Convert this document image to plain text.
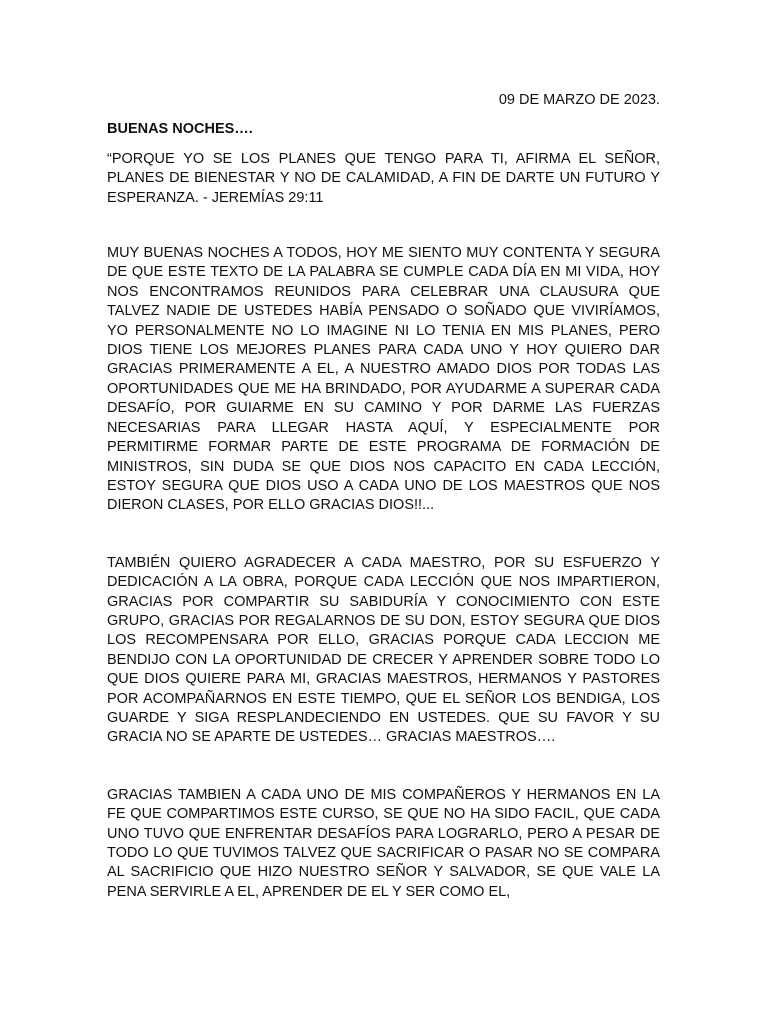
09 DE MARZO DE 2023.

BUENAS NOCHES….

“PORQUE YO SE LOS PLANES QUE TENGO PARA TI, AFIRMA EL SEÑOR, PLANES DE BIENESTAR Y NO DE CALAMIDAD, A FIN DE DARTE UN FUTURO Y ESPERANZA. - JEREMÍAS 29:11

MUY BUENAS NOCHES A TODOS, HOY ME SIENTO MUY CONTENTA Y SEGURA DE QUE ESTE TEXTO DE LA PALABRA SE CUMPLE CADA DÍA EN MI VIDA, HOY NOS ENCONTRAMOS REUNIDOS PARA CELEBRAR UNA CLAUSURA QUE TALVEZ NADIE DE USTEDES HABÍA PENSADO O SOÑADO QUE VIVIRÍAMOS, YO PERSONALMENTE NO LO IMAGINE NI LO TENIA EN MIS PLANES, PERO DIOS TIENE LOS MEJORES PLANES PARA CADA UNO Y HOY QUIERO DAR GRACIAS PRIMERAMENTE A EL, A NUESTRO AMADO DIOS POR TODAS LAS OPORTUNIDADES QUE ME HA BRINDADO, POR AYUDARME A SUPERAR CADA DESAFÍO, POR GUIARME EN SU CAMINO Y POR DARME LAS FUERZAS NECESARIAS PARA LLEGAR HASTA AQUÍ, Y ESPECIALMENTE POR PERMITIRME FORMAR PARTE DE ESTE PROGRAMA DE FORMACIÓN DE MINISTROS, SIN DUDA SE QUE DIOS NOS CAPACITO EN CADA LECCIÓN, ESTOY SEGURA QUE DIOS USO A CADA UNO DE LOS MAESTROS QUE NOS DIERON CLASES, POR ELLO GRACIAS DIOS!!...

TAMBIÉN QUIERO AGRADECER A CADA MAESTRO, POR SU ESFUERZO Y DEDICACIÓN A LA OBRA, PORQUE CADA LECCIÓN QUE NOS IMPARTIERON, GRACIAS POR COMPARTIR SU SABIDURÍA Y CONOCIMIENTO CON ESTE GRUPO, GRACIAS POR REGALARNOS DE SU DON, ESTOY SEGURA QUE DIOS LOS RECOMPENSARA POR ELLO, GRACIAS PORQUE CADA LECCION ME BENDIJO CON LA OPORTUNIDAD DE CRECER Y APRENDER SOBRE TODO LO QUE DIOS QUIERE PARA MI, GRACIAS MAESTROS, HERMANOS Y PASTORES POR ACOMPAÑARNOS EN ESTE TIEMPO, QUE EL SEÑOR LOS BENDIGA, LOS GUARDE Y SIGA RESPLANDECIENDO EN USTEDES. QUE SU FAVOR Y SU GRACIA NO SE APARTE DE USTEDES… GRACIAS MAESTROS….

GRACIAS TAMBIEN A CADA UNO DE MIS COMPAÑEROS Y HERMANOS EN LA FE QUE COMPARTIMOS ESTE CURSO, SE QUE NO HA SIDO FACIL, QUE CADA UNO TUVO QUE ENFRENTAR DESAFÍOS PARA LOGRARLO, PERO A PESAR DE TODO LO QUE TUVIMOS TALVEZ QUE SACRIFICAR O PASAR NO SE COMPARA AL SACRIFICIO QUE HIZO NUESTRO SEÑOR Y SALVADOR, SE QUE VALE LA PENA SERVIRLE A EL, APRENDER DE EL Y SER COMO EL,
